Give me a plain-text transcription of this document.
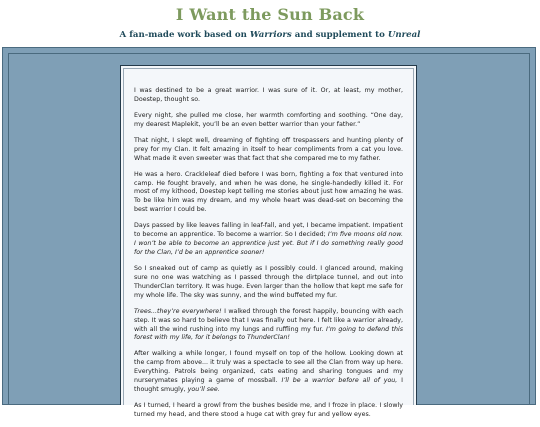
I Want the Sun Back
A fan-made work based on Warriors and supplement to Unreal

I was destined to be a great warrior. I was sure of it. Or, at least, my mother, Doestep, thought so.

Every night, she pulled me close, her warmth comforting and soothing. “One day, my dearest Maplekit, you’ll be an even better warrior than your father.”

That night, I slept well, dreaming of fighting off trespassers and hunting plenty of prey for my Clan. It felt amazing in itself to hear compliments from a cat you love. What made it even sweeter was that fact that she compared me to my father.

He was a hero. Crackleleaf died before I was born, fighting a fox that ventured into camp. He fought bravely, and when he was done, he single-handedly killed it. For most of my kithood, Doestep kept telling me stories about just how amazing he was. To be like him was my dream, and my whole heart was dead-set on becoming the best warrior I could be.

Days passed by like leaves falling in leaf-fall, and yet, I became impatient. Impatient to become an apprentice. To become a warrior. So I decided; I’m five moons old now. I won’t be able to become an apprentice just yet. But if I do something really good for the Clan, I’d be an apprentice sooner!

So I sneaked out of camp as quietly as I possibly could. I glanced around, making sure no one was watching as I passed through the dirtplace tunnel, and out into ThunderClan territory. It was huge. Even larger than the hollow that kept me safe for my whole life. The sky was sunny, and the wind buffeted my fur.

Trees...they’re everywhere! I walked through the forest happily, bouncing with each step. It was so hard to believe that I was finally out here. I felt like a warrior already, with all the wind rushing into my lungs and ruffling my fur. I’m going to defend this forest with my life, for it belongs to ThunderClan!

After walking a while longer, I found myself on top of the hollow. Looking down at the camp from above... it truly was a spectacle to see all the Clan from way up here. Everything. Patrols being organized, cats eating and sharing tongues and my nurserymates playing a game of mossball. I’ll be a warrior before all of you, I thought smugly, you’ll see.

As I turned, I heard a growl from the bushes beside me, and I froze in place. I slowly turned my head, and there stood a huge cat with grey fur and yellow eyes.
